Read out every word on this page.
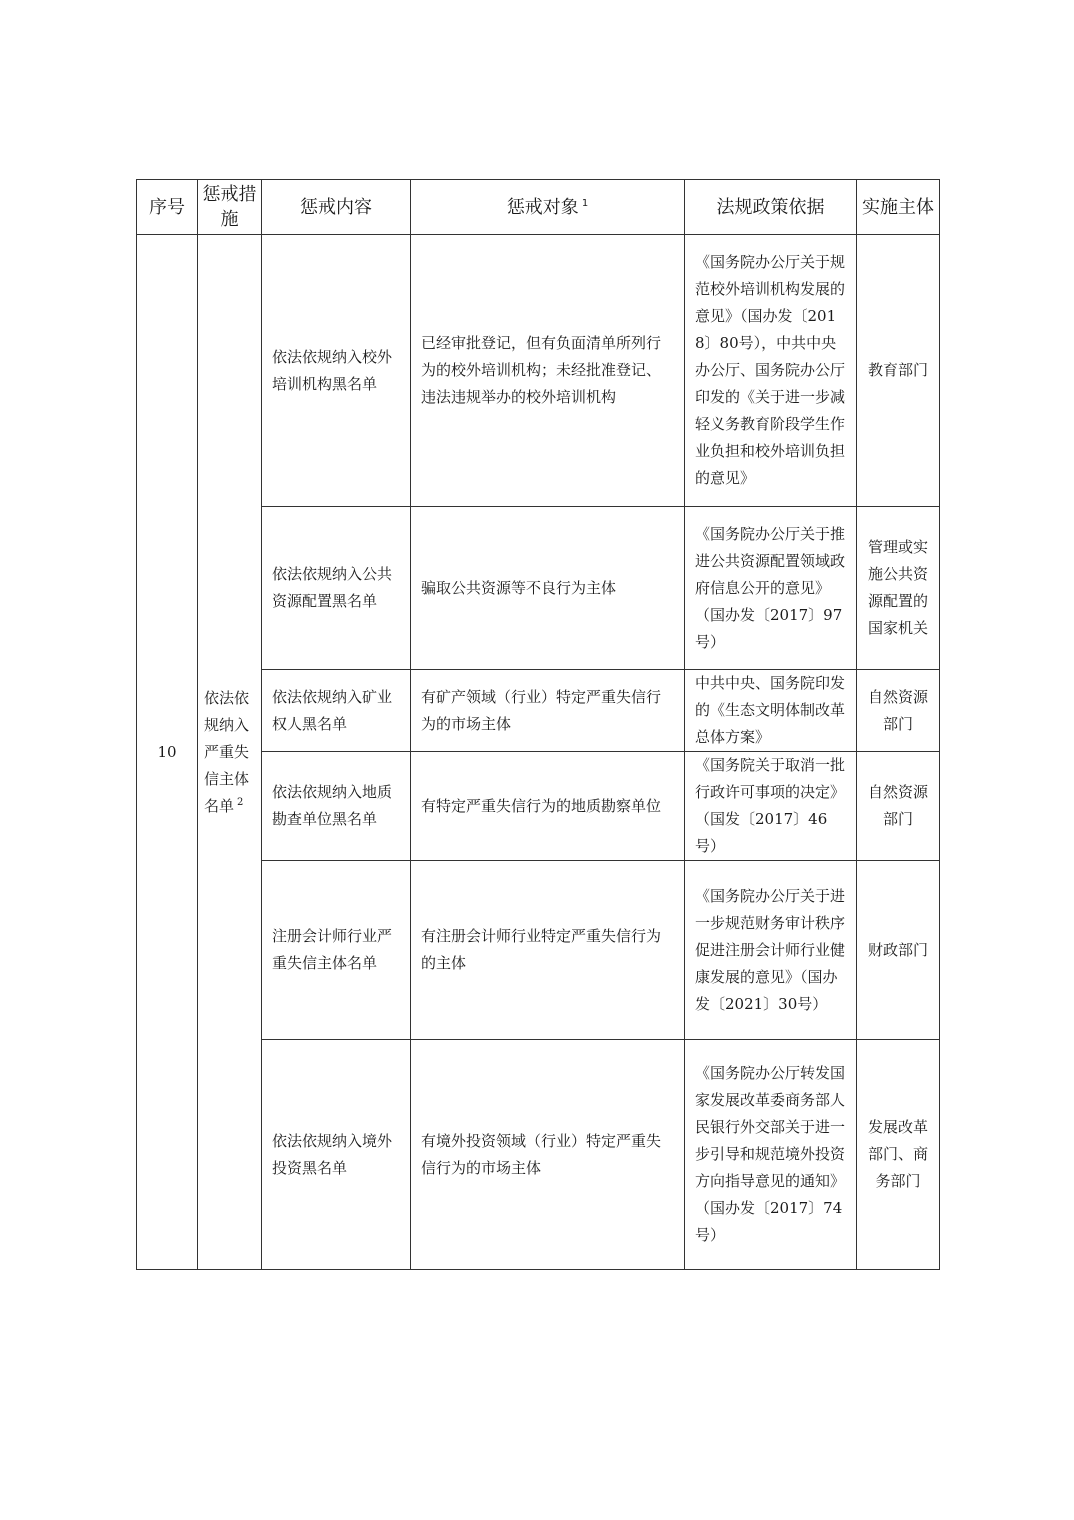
序号	惩戒措施	惩戒内容	惩戒对象 $^1$	法规政策依据	实施主体
10	依法依规纳入严重失信主体名单 $^2$	依法依规纳入校外培训机构黑名单	已经审批登记，但有负面清单所列行为的校外培训机构；未经批准登记、违法违规举办的校外培训机构	《国务院办公厅关于规范校外培训机构发展的意见》（国办发〔2018〕80号），中共中央办公厅、国务院办公厅印发的《关于进一步减轻义务教育阶段学生作业负担和校外培训负担的意见》	教育部门
		依法依规纳入公共资源配置黑名单	骗取公共资源等不良行为主体	《国务院办公厅关于推进公共资源配置领域政府信息公开的意见》（国办发〔2017〕97号）	管理或实施公共资源配置的国家机关
		依法依规纳入矿业权人黑名单	有矿产领域（行业）特定严重失信行为的市场主体	中共中央、国务院印发的《生态文明体制改革总体方案》	自然资源部门
		依法依规纳入地质勘查单位黑名单	有特定严重失信行为的地质勘察单位	《国务院关于取消一批行政许可事项的决定》（国发〔2017〕46号）	自然资源部门
		注册会计师行业严重失信主体名单	有注册会计师行业特定严重失信行为的主体	《国务院办公厅关于进一步规范财务审计秩序促进注册会计师行业健康发展的意见》（国办发〔2021〕30号）	财政部门
		依法依规纳入境外投资黑名单	有境外投资领域（行业）特定严重失信行为的市场主体	《国务院办公厅转发国家发展改革委商务部人民银行外交部关于进一步引导和规范境外投资方向指导意见的通知》（国办发〔2017〕74号）	发展改革部门、商务部门
